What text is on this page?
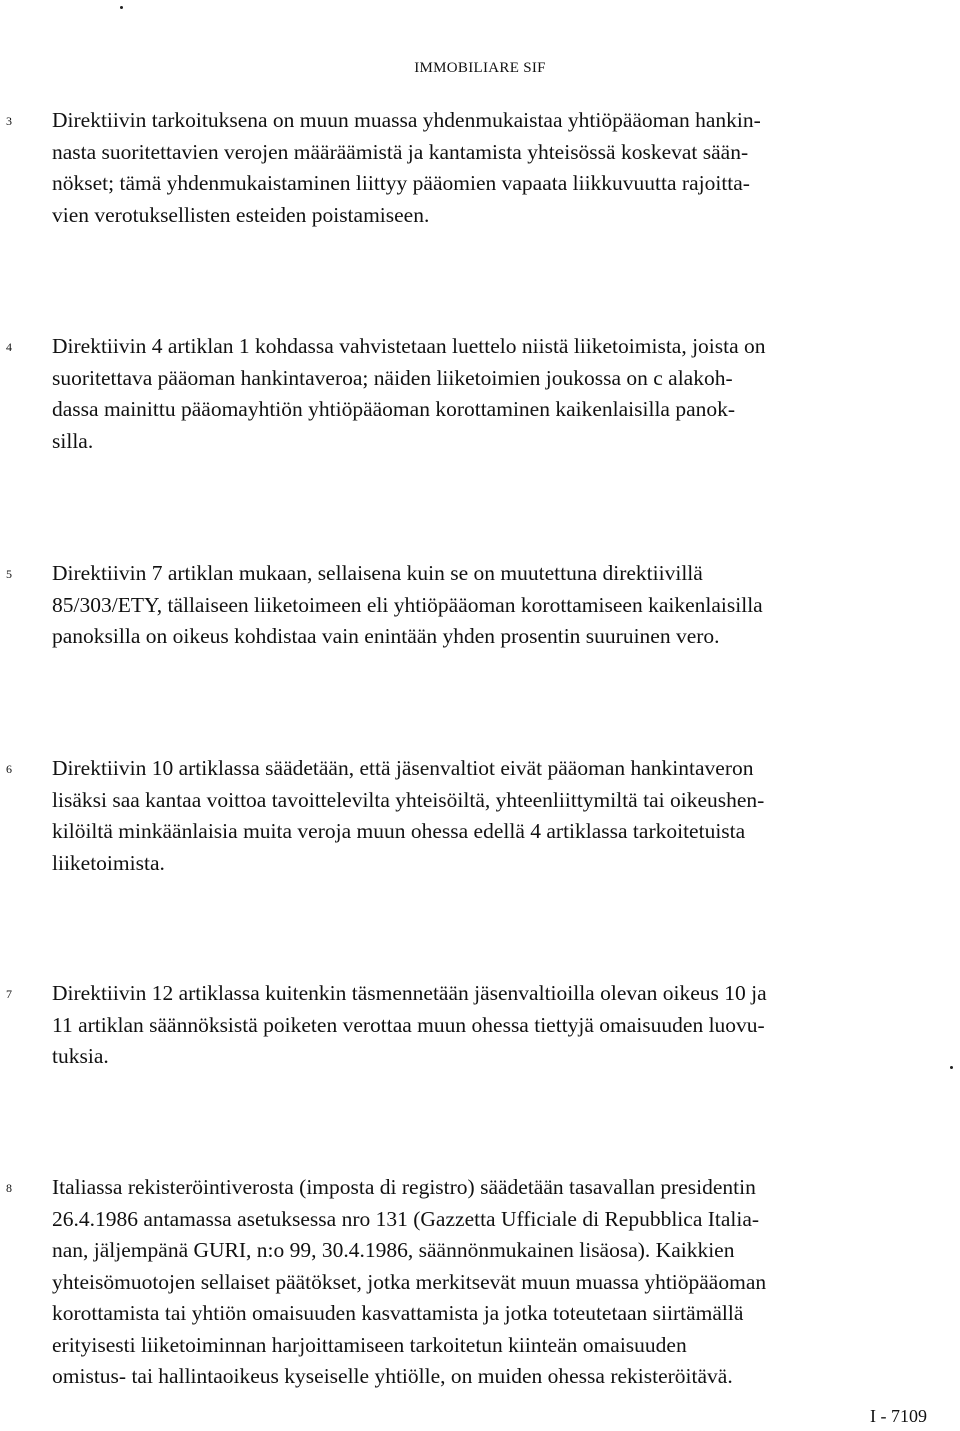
IMMOBILIARE SIF
3 Direktiivin tarkoituksena on muun muassa yhdenmukaistaa yhtiöpääoman hankin-
nasta suoritettavien verojen määräämistä ja kantamista yhteisössä koskevat sään-
nökset; tämä yhdenmukaistaminen liittyy pääomien vapaata liikkuvuutta rajoitta-
vien verotuksellisten esteiden poistamiseen.
4 Direktiivin 4 artiklan 1 kohdassa vahvistetaan luettelo niistä liiketoimista, joista on
suoritettava pääoman hankintaveroa; näiden liiketoimien joukossa on c alakoh-
dassa mainittu pääomayhtiön yhtiöpääoman korottaminen kaikenlaisilla panok-
silla.
5 Direktiivin 7 artiklan mukaan, sellaisena kuin se on muutettuna direktiivillä
85/303/ETY, tällaiseen liiketoimeen eli yhtiöpääoman korottamiseen kaikenlaisilla
panoksilla on oikeus kohdistaa vain enintään yhden prosentin suuruinen vero.
6 Direktiivin 10 artiklassa säädetään, että jäsenvaltiot eivät pääoman hankintaveron
lisäksi saa kantaa voittoa tavoittelevilta yhteisöiltä, yhteenliittymiltä tai oikeushen-
kilöiltä minkäänlaisia muita veroja muun ohessa edellä 4 artiklassa tarkoitetuista
liiketoimista.
7 Direktiivin 12 artiklassa kuitenkin täsmennetään jäsenvaltioilla olevan oikeus 10 ja
11 artiklan säännöksistä poiketen verottaa muun ohessa tiettyjä omaisuuden luovu-
tuksia.
8 Italiassa rekisteröintiverosta (imposta di registro) säädetään tasavallan presidentin
26.4.1986 antamassa asetuksessa nro 131 (Gazzetta Ufficiale di Repubblica Italia-
nan, jäljempänä GURI, n:o 99, 30.4.1986, säännönmukainen lisäosa). Kaikkien
yhteisömuotojen sellaiset päätökset, jotka merkitsevät muun muassa yhtiöpääoman
korottamista tai yhtiön omaisuuden kasvattamista ja jotka toteutetaan siirtämällä
erityisesti liiketoiminnan harjoittamiseen tarkoitetun kiinteän omaisuuden
omistus- tai hallintaoikeus kyseiselle yhtiölle, on muiden ohessa rekisteröitävä.
I - 7109
